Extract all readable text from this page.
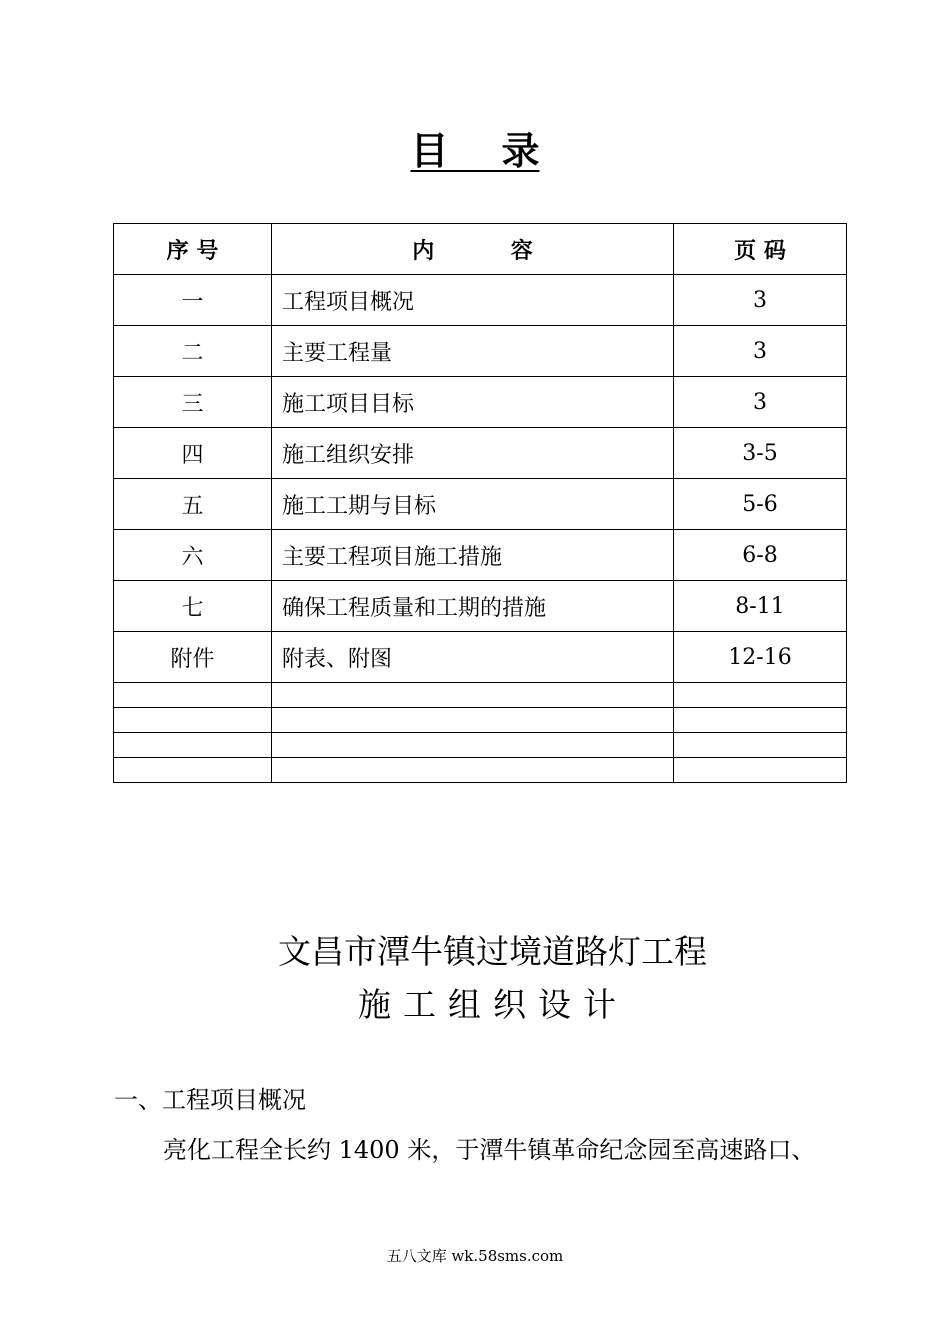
目    录
序 号	内          容	页 码
一	工程项目概况	3
二	主要工程量	3
三	施工项目目标	3
四	施工组织安排	3-5
五	施工工期与目标	5-6
六	主要工程项目施工措施	6-8
七	确保工程质量和工期的措施	8-11
附件	附表、附图	12-16

文昌市潭牛镇过境道路灯工程
施工组织设计
一、工程项目概况
亮化工程全长约 1400 米，于潭牛镇革命纪念园至高速路口、
五八文库 wk.58sms.com
